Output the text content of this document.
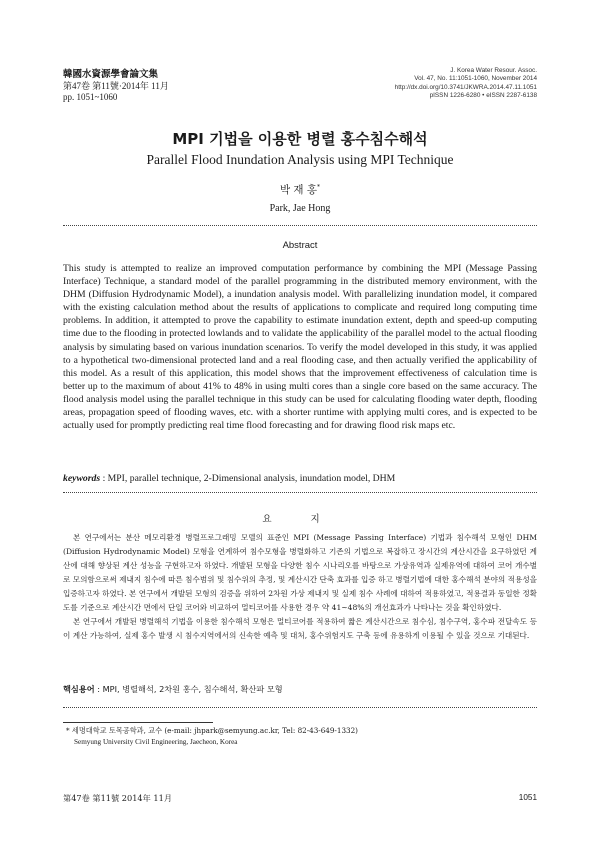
韓國水資源學會論文集
第47卷 第11號·2014年 11月
pp. 1051~1060
J. Korea Water Resour. Assoc.
Vol. 47, No. 11:1051-1060, November 2014
http://dx.doi.org/10.3741/JKWRA.2014.47.11.1051
pISSN 1226-6280 • eISSN 2287-6138
MPI 기법을 이용한 병렬 홍수침수해석
Parallel Flood Inundation Analysis using MPI Technique
박 재 홍*
Park, Jae Hong
Abstract
This study is attempted to realize an improved computation performance by combining the MPI (Message Passing Interface) Technique, a standard model of the parallel programming in the distributed memory environment, with the DHM (Diffusion Hydrodynamic Model), a inundation analysis model. With parallelizing inundation model, it compared with the existing calculation method about the results of applications to complicate and required long computing time problems. In addition, it attempted to prove the capability to estimate inundation extent, depth and speed-up computing time due to the flooding in protected lowlands and to validate the applicability of the parallel model to the actual flooding analysis by simulating based on various inundation scenarios. To verify the model developed in this study, it was applied to a hypothetical two-dimensional protected land and a real flooding case, and then actually verified the applicability of this model. As a result of this application, this model shows that the improvement effectiveness of calculation time is better up to the maximum of about 41% to 48% in using multi cores than a single core based on the same accuracy. The flood analysis model using the parallel technique in this study can be used for calculating flooding water depth, flooding areas, propagation speed of flooding waves, etc. with a shorter runtime with applying multi cores, and is expected to be actually used for promptly predicting real time flood forecasting and for drawing flood risk maps etc.
keywords : MPI, parallel technique, 2-Dimensional analysis, inundation model, DHM
요 지

본 연구에서는 분산 메모리환경 병렬프로그래밍 모델의 표준인 MPI (Message Passing Interface) 기법과 침수해석 모형인 DHM (Diffusion Hydrodynamic Model) 모형을 연계하여 침수모형을 병렬화하고 기존의 기법으로 복잡하고 장시간의 계산시간을 요구하였던 계산에 대해 향상된 계산 성능을 구현하고자 하였다. 개발된 모형을 다양한 침수 시나리오를 바탕으로 가상유역과 실제유역에 대하여 코어 개수별로 모의함으로써 제내지 침수에 따른 침수범위 및 침수위의 추정, 및 계산시간 단축 효과를 입증 하고 병렬기법에 대한 홍수해석 분야의 적용성을 입증하고자 하였다. 본 연구에서 개발된 모형의 검증을 위하여 2차원 가상 제내지 및 실제 침수 사례에 대하여 적용하였고, 적용결과 동일한 정확도를 기준으로 계산시간 면에서 단일 코어와 비교하여 멀티코어를 사용한 경우 약 41~48%의 개선효과가 나타나는 것을 확인하였다.

본 연구에서 개발된 병렬해석 기법을 이용한 침수해석 모형은 멀티코어를 적용하여 짧은 계산시간으로 침수심, 침수구역, 홍수파 전달속도 등이 계산 가능하여, 실제 홍수 발생 시 침수지역에서의 신속한 예측 및 대처, 홍수위험지도 구축 등에 유용하게 이용될 수 있을 것으로 기대된다.

핵심용어 : MPI, 병렬해석, 2차원 홍수, 침수해석, 확산파 모형
* 세명대학교 토목공학과, 교수 (e-mail: jhpark@semyung.ac.kr, Tel: 82-43-649-1332)
Semyung University Civil Engineering, Jaecheon, Korea
第47卷 第11號 2014年 11月	1051
